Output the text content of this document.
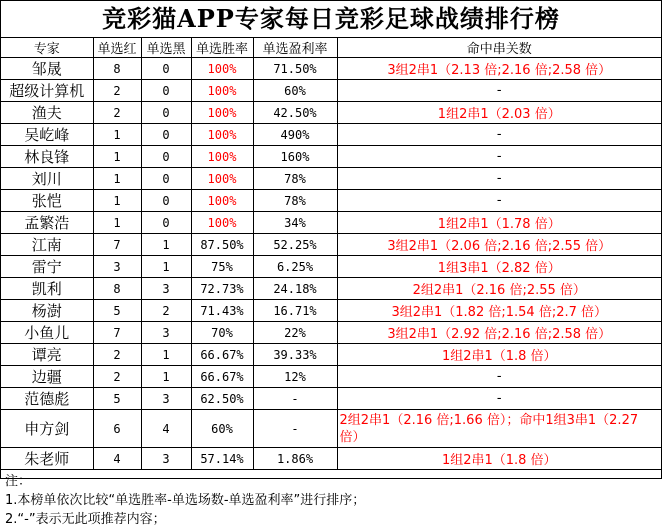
竞彩猫APP专家每日竞彩足球战绩排行榜
专家	单选红	单选黑	单选胜率	单选盈利率	命中串关数
邹晟	8	0	100%	71.50%	3组2串1（2.13 倍;2.16 倍;2.58 倍）
超级计算机	2	0	100%	60%	-
渔夫	2	0	100%	42.50%	1组2串1（2.03 倍）
吴屹峰	1	0	100%	490%	-
林良锋	1	0	100%	160%	-
刘川	1	0	100%	78%	-
张恺	1	0	100%	78%	-
孟繁浩	1	0	100%	34%	1组2串1（1.78 倍）
江南	7	1	87.50%	52.25%	3组2串1（2.06 倍;2.16 倍;2.55 倍）
雷宁	3	1	75%	6.25%	1组3串1（2.82 倍）
凯利	8	3	72.73%	24.18%	2组2串1（2.16 倍;2.55 倍）
杨澍	5	2	71.43%	16.71%	3组2串1（1.82 倍;1.54 倍;2.7 倍）
小鱼儿	7	3	70%	22%	3组2串1（2.92 倍;2.16 倍;2.58 倍）
谭亮	2	1	66.67%	39.33%	1组2串1（1.8 倍）
边疆	2	1	66.67%	12%	-
范德彪	5	3	62.50%	-	-
申方剑	6	4	60%	-	2组2串1（2.16 倍;1.66 倍）；命中1组3串1（2.27 倍）
朱老师	4	3	57.14%	1.86%	1组2串1（1.8 倍）
注：
1.本榜单依次比较“单选胜率-单选场数-单选盈利率”进行排序；
2.“-”表示无此项推荐内容；
